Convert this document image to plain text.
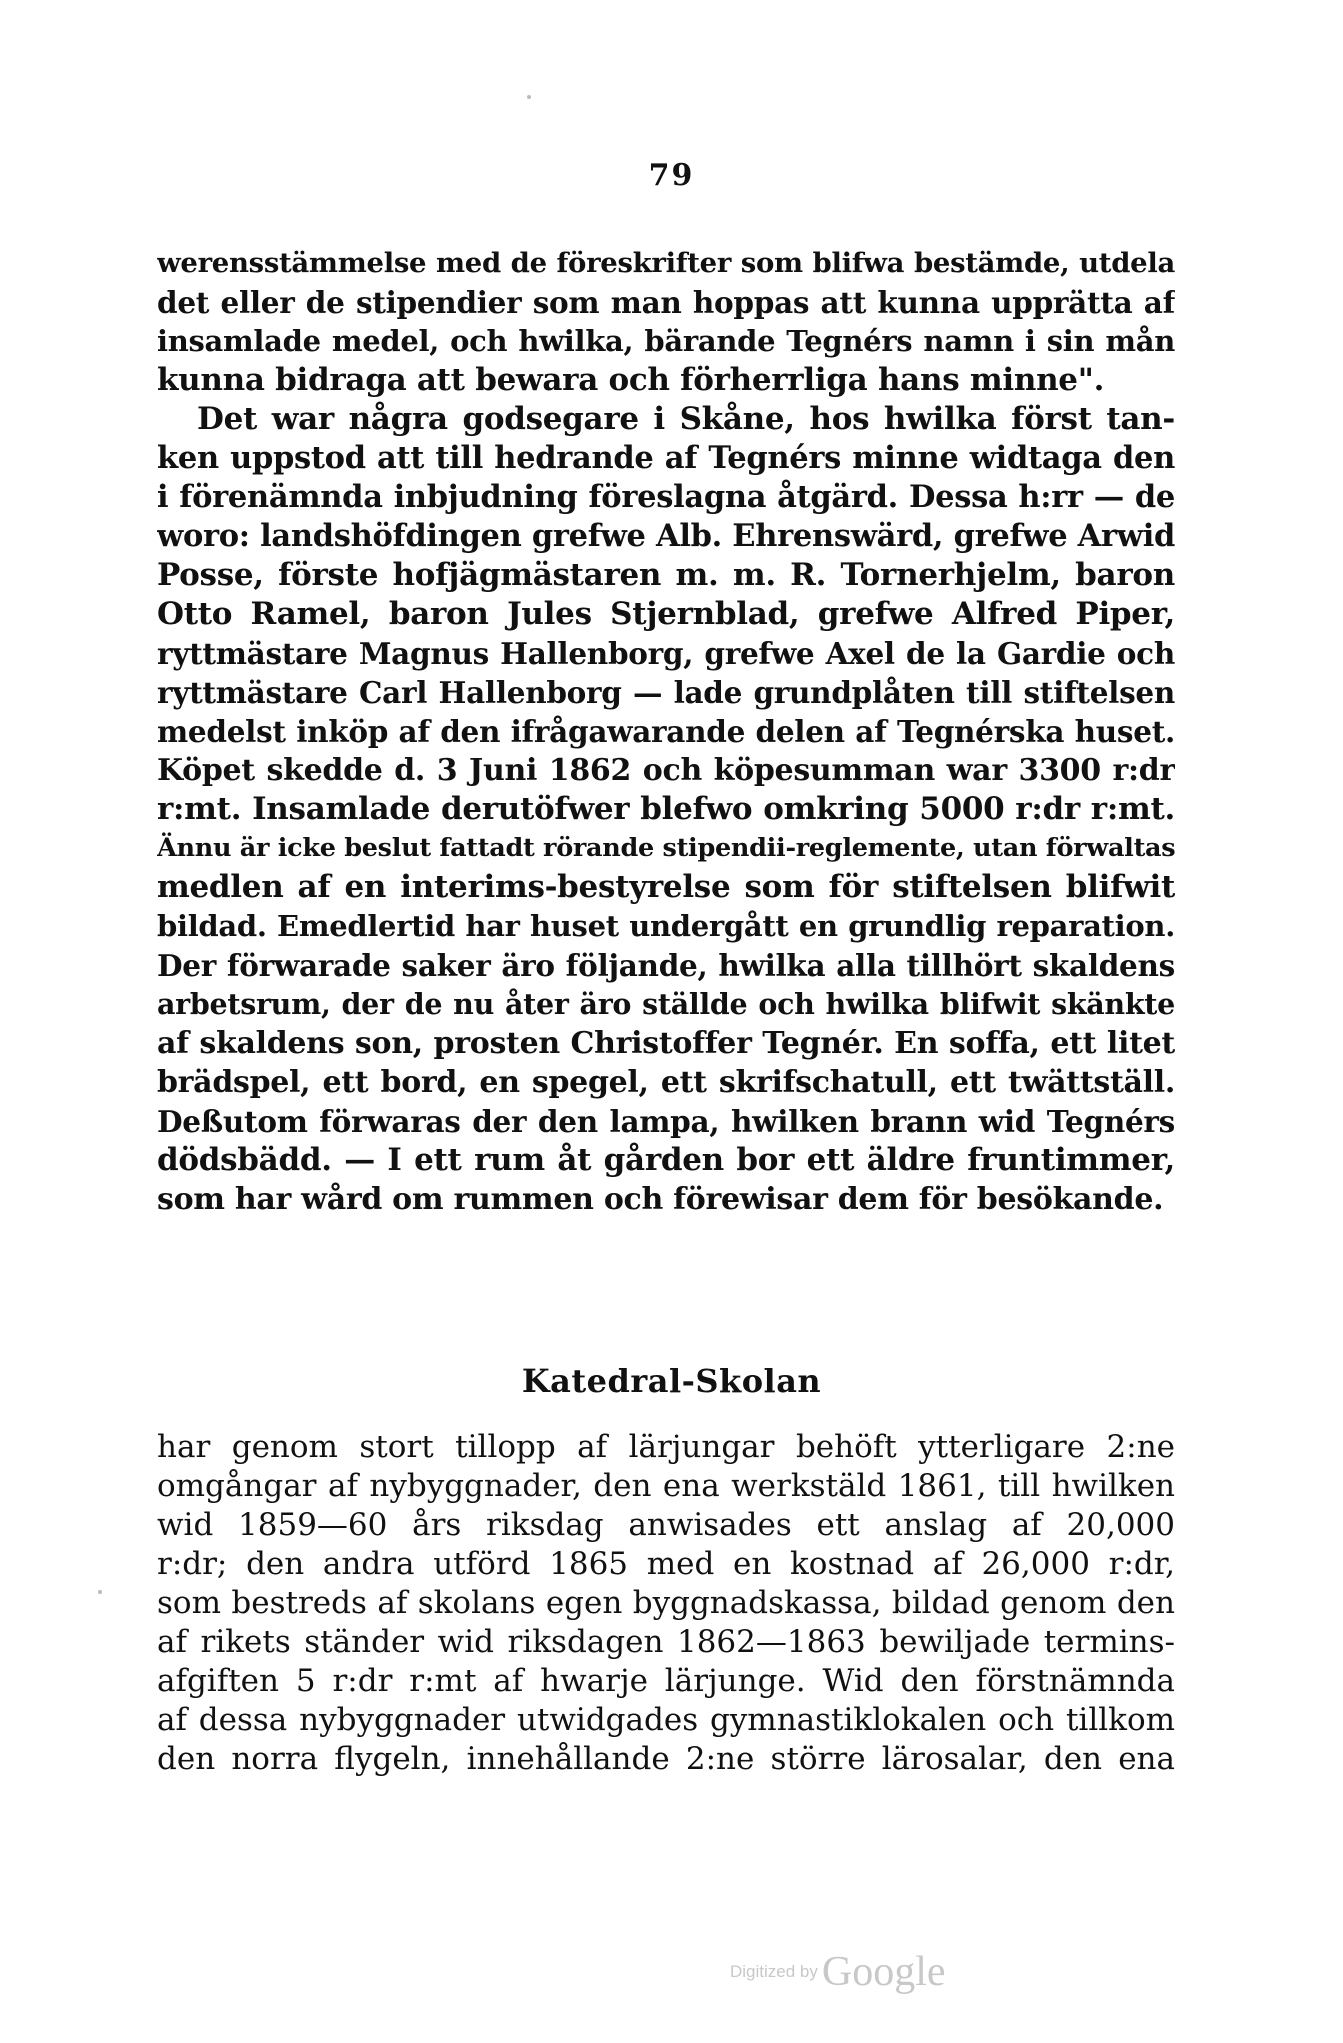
79
werensstämmelse med de föreskrifter som blifwa bestämde, utdela
det eller de stipendier som man hoppas att kunna upprätta af
insamlade medel, och hwilka, bärande Tegnérs namn i sin mån
kunna bidraga att bewara och förherrliga hans minne".
Det war några godsegare i Skåne, hos hwilka först tan-
ken uppstod att till hedrande af Tegnérs minne widtaga den
i förenämnda inbjudning föreslagna åtgärd. Dessa h:rr — de
woro: landshöfdingen grefwe Alb. Ehrenswärd, grefwe Arwid
Posse, förste hofjägmästaren m. m. R. Tornerhjelm, baron
Otto Ramel, baron Jules Stjernblad, grefwe Alfred Piper,
ryttmästare Magnus Hallenborg, grefwe Axel de la Gardie och
ryttmästare Carl Hallenborg — lade grundplåten till stiftelsen
medelst inköp af den ifrågawarande delen af Tegnérska huset.
Köpet skedde d. 3 Juni 1862 och köpesumman war 3300 r:dr
r:mt. Insamlade derutöfwer blefwo omkring 5000 r:dr r:mt.
Ännu är icke beslut fattadt rörande stipendii-reglemente, utan förwaltas
medlen af en interims-bestyrelse som för stiftelsen blifwit
bildad. Emedlertid har huset undergått en grundlig reparation.
Der förwarade saker äro följande, hwilka alla tillhört skaldens
arbetsrum, der de nu åter äro ställde och hwilka blifwit skänkte
af skaldens son, prosten Christoffer Tegnér. En soffa, ett litet
brädspel, ett bord, en spegel, ett skrifschatull, ett twättställ.
Deßutom förwaras der den lampa, hwilken brann wid Tegnérs
dödsbädd. — I ett rum åt gården bor ett äldre fruntimmer,
som har wård om rummen och förewisar dem för besökande.
Katedral-Skolan
har genom stort tillopp af lärjungar behöft ytterligare 2:ne
omgångar af nybyggnader, den ena werkstäld 1861, till hwilken
wid 1859—60 års riksdag anwisades ett anslag af 20,000
r:dr; den andra utförd 1865 med en kostnad af 26,000 r:dr,
som bestreds af skolans egen byggnadskassa, bildad genom den
af rikets ständer wid riksdagen 1862—1863 bewiljade termins-
afgiften 5 r:dr r:mt af hwarje lärjunge. Wid den förstnämnda
af dessa nybyggnader utwidgades gymnastiklokalen och tillkom
den norra flygeln, innehållande 2:ne större lärosalar, den ena
Digitized byGoogle
